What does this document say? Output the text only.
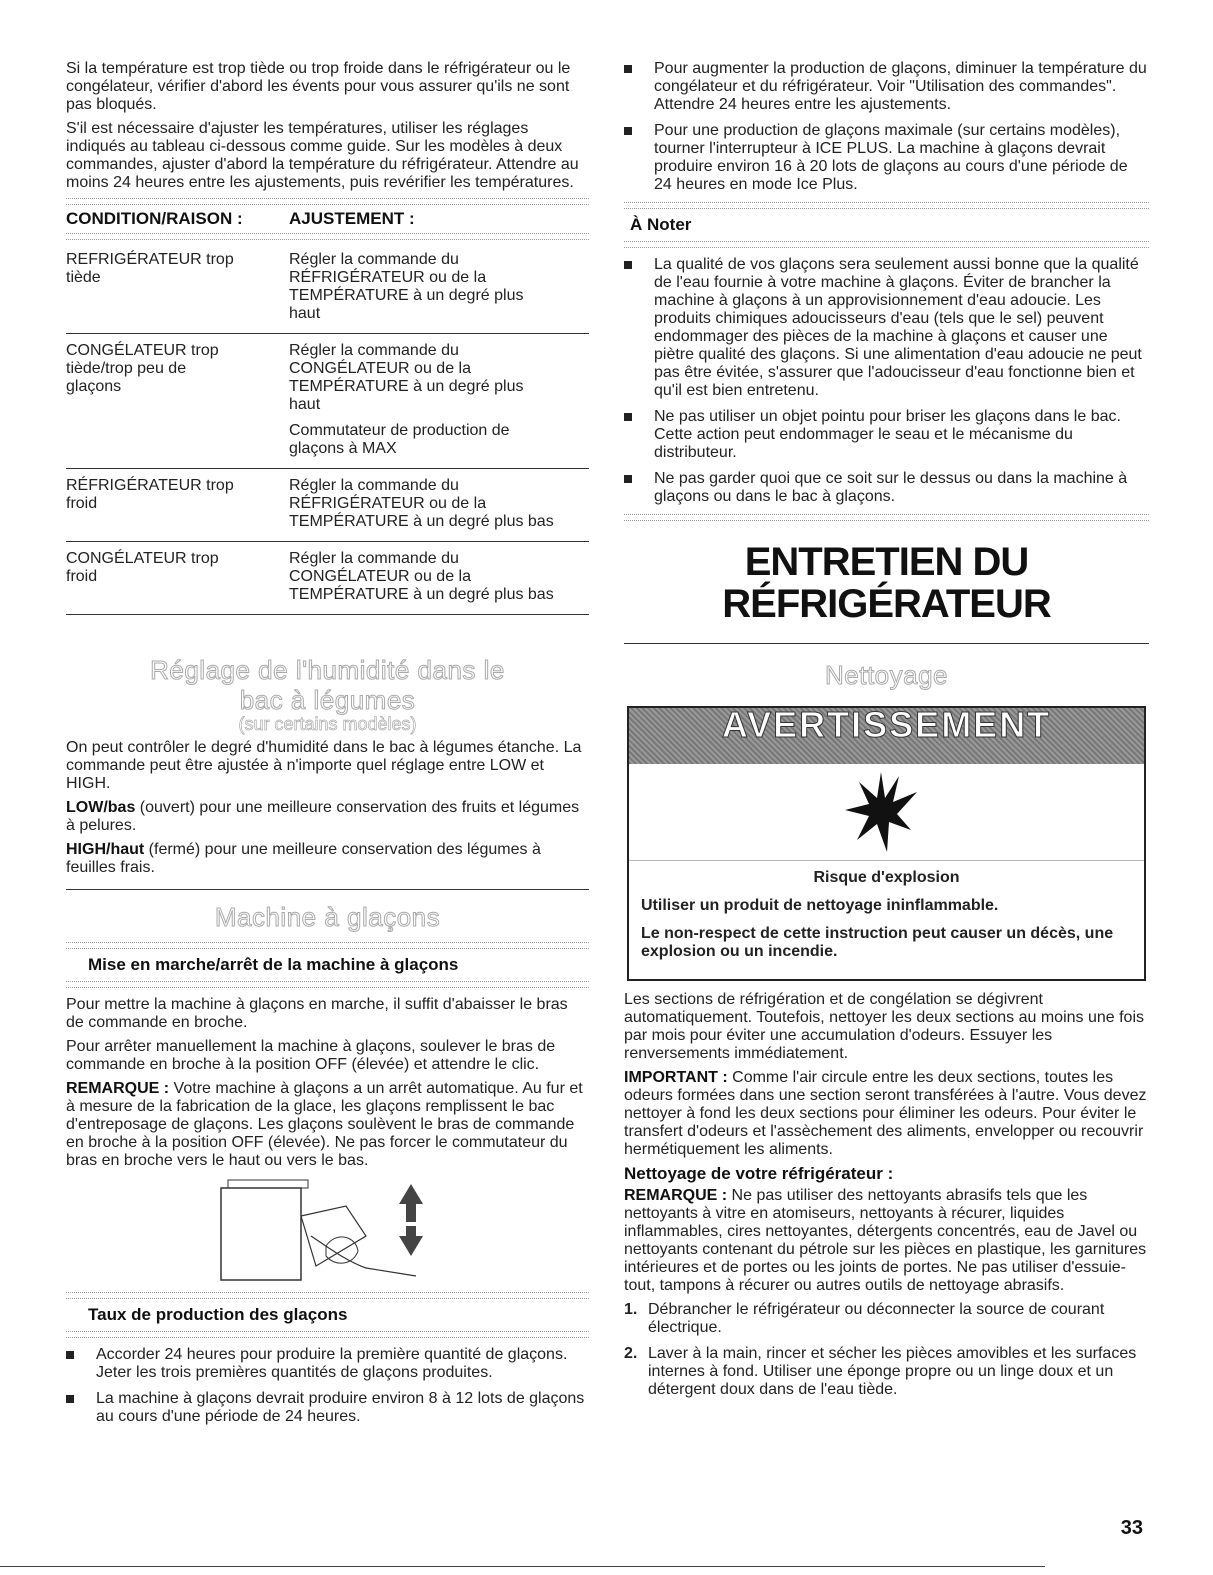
Si la température est trop tiède ou trop froide dans le réfrigérateur ou le congélateur, vérifier d'abord les évents pour vous assurer qu'ils ne sont pas bloqués.

S'il est nécessaire d'ajuster les températures, utiliser les réglages indiqués au tableau ci-dessous comme guide. Sur les modèles à deux commandes, ajuster d'abord la température du réfrigérateur. Attendre au moins 24 heures entre les ajustements, puis revérifier les températures.

CONDITION/RAISON :	AJUSTEMENT :
REFRIGÉRATEUR trop
tiède
Régler la commande du
RÉFRIGÉRATEUR ou de la
TEMPÉRATURE à un degré plus
haut
CONGÉLATEUR trop
tiède/trop peu de
glaçons
Régler la commande du
CONGÉLATEUR ou de la
TEMPÉRATURE à un degré plus
haut
Commutateur de production de
glaçons à MAX
RÉFRIGÉRATEUR trop
froid
Régler la commande du
RÉFRIGÉRATEUR ou de la
TEMPÉRATURE à un degré plus bas
CONGÉLATEUR trop
froid
Régler la commande du
CONGÉLATEUR ou de la
TEMPÉRATURE à un degré plus bas
Réglage de l'humidité dans le
bac à légumes
(sur certains modèles)

On peut contrôler le degré d'humidité dans le bac à légumes étanche. La commande peut être ajustée à n'importe quel réglage entre LOW et HIGH.

LOW/bas (ouvert) pour une meilleure conservation des fruits et légumes à pelures.

HIGH/haut (fermé) pour une meilleure conservation des légumes à feuilles frais.

Machine à glaçons
Mise en marche/arrêt de la machine à glaçons

Pour mettre la machine à glaçons en marche, il suffit d'abaisser le bras de commande en broche.

Pour arrêter manuellement la machine à glaçons, soulever le bras de commande en broche à la position OFF (élevée) et attendre le clic.

REMARQUE : Votre machine à glaçons a un arrêt automatique. Au fur et à mesure de la fabrication de la glace, les glaçons remplissent le bac d'entreposage de glaçons. Les glaçons soulèvent le bras de commande en broche à la position OFF (élevée). Ne pas forcer le commutateur du bras en broche vers le haut ou vers le bas.

Taux de production des glaçons
Accorder 24 heures pour produire la première quantité de glaçons. Jeter les trois premières quantités de glaçons produites.
La machine à glaçons devrait produire environ 8 à 12 lots de glaçons au cours d'une période de 24 heures.
Pour augmenter la production de glaçons, diminuer la température du congélateur et du réfrigérateur. Voir "Utilisation des commandes". Attendre 24 heures entre les ajustements.
Pour une production de glaçons maximale (sur certains modèles), tourner l'interrupteur à ICE PLUS. La machine à glaçons devrait produire environ 16 à 20 lots de glaçons au cours d'une période de 24 heures en mode Ice Plus.
À Noter
La qualité de vos glaçons sera seulement aussi bonne que la qualité de l'eau fournie à votre machine à glaçons. Éviter de brancher la machine à glaçons à un approvisionnement d'eau adoucie. Les produits chimiques adoucisseurs d'eau (tels que le sel) peuvent endommager des pièces de la machine à glaçons et causer une piètre qualité des glaçons. Si une alimentation d'eau adoucie ne peut pas être évitée, s'assurer que l'adoucisseur d'eau fonctionne bien et qu'il est bien entretenu.
Ne pas utiliser un objet pointu pour briser les glaçons dans le bac. Cette action peut endommager le seau et le mécanisme du distributeur.
Ne pas garder quoi que ce soit sur le dessus ou dans la machine à glaçons ou dans le bac à glaçons.
ENTRETIEN DU
RÉFRIGÉRATEUR
Nettoyage
AVERTISSEMENT
Risque d'explosion

Utiliser un produit de nettoyage ininflammable.

Le non-respect de cette instruction peut causer un décès, une explosion ou un incendie.

Les sections de réfrigération et de congélation se dégivrent automatiquement. Toutefois, nettoyer les deux sections au moins une fois par mois pour éviter une accumulation d'odeurs. Essuyer les renversements immédiatement.

IMPORTANT : Comme l'air circule entre les deux sections, toutes les odeurs formées dans une section seront transférées à l'autre. Vous devez nettoyer à fond les deux sections pour éliminer les odeurs. Pour éviter le transfert d'odeurs et l'assèchement des aliments, envelopper ou recouvrir hermétiquement les aliments.

Nettoyage de votre réfrigérateur :

REMARQUE : Ne pas utiliser des nettoyants abrasifs tels que les nettoyants à vitre en atomiseurs, nettoyants à récurer, liquides inflammables, cires nettoyantes, détergents concentrés, eau de Javel ou nettoyants contenant du pétrole sur les pièces en plastique, les garnitures intérieures et de portes ou les joints de portes. Ne pas utiliser d'essuie-tout, tampons à récurer ou autres outils de nettoyage abrasifs.

1. Débrancher le réfrigérateur ou déconnecter la source de courant électrique.
2. Laver à la main, rincer et sécher les pièces amovibles et les surfaces internes à fond. Utiliser une éponge propre ou un linge doux et un détergent doux dans de l'eau tiède.
33
